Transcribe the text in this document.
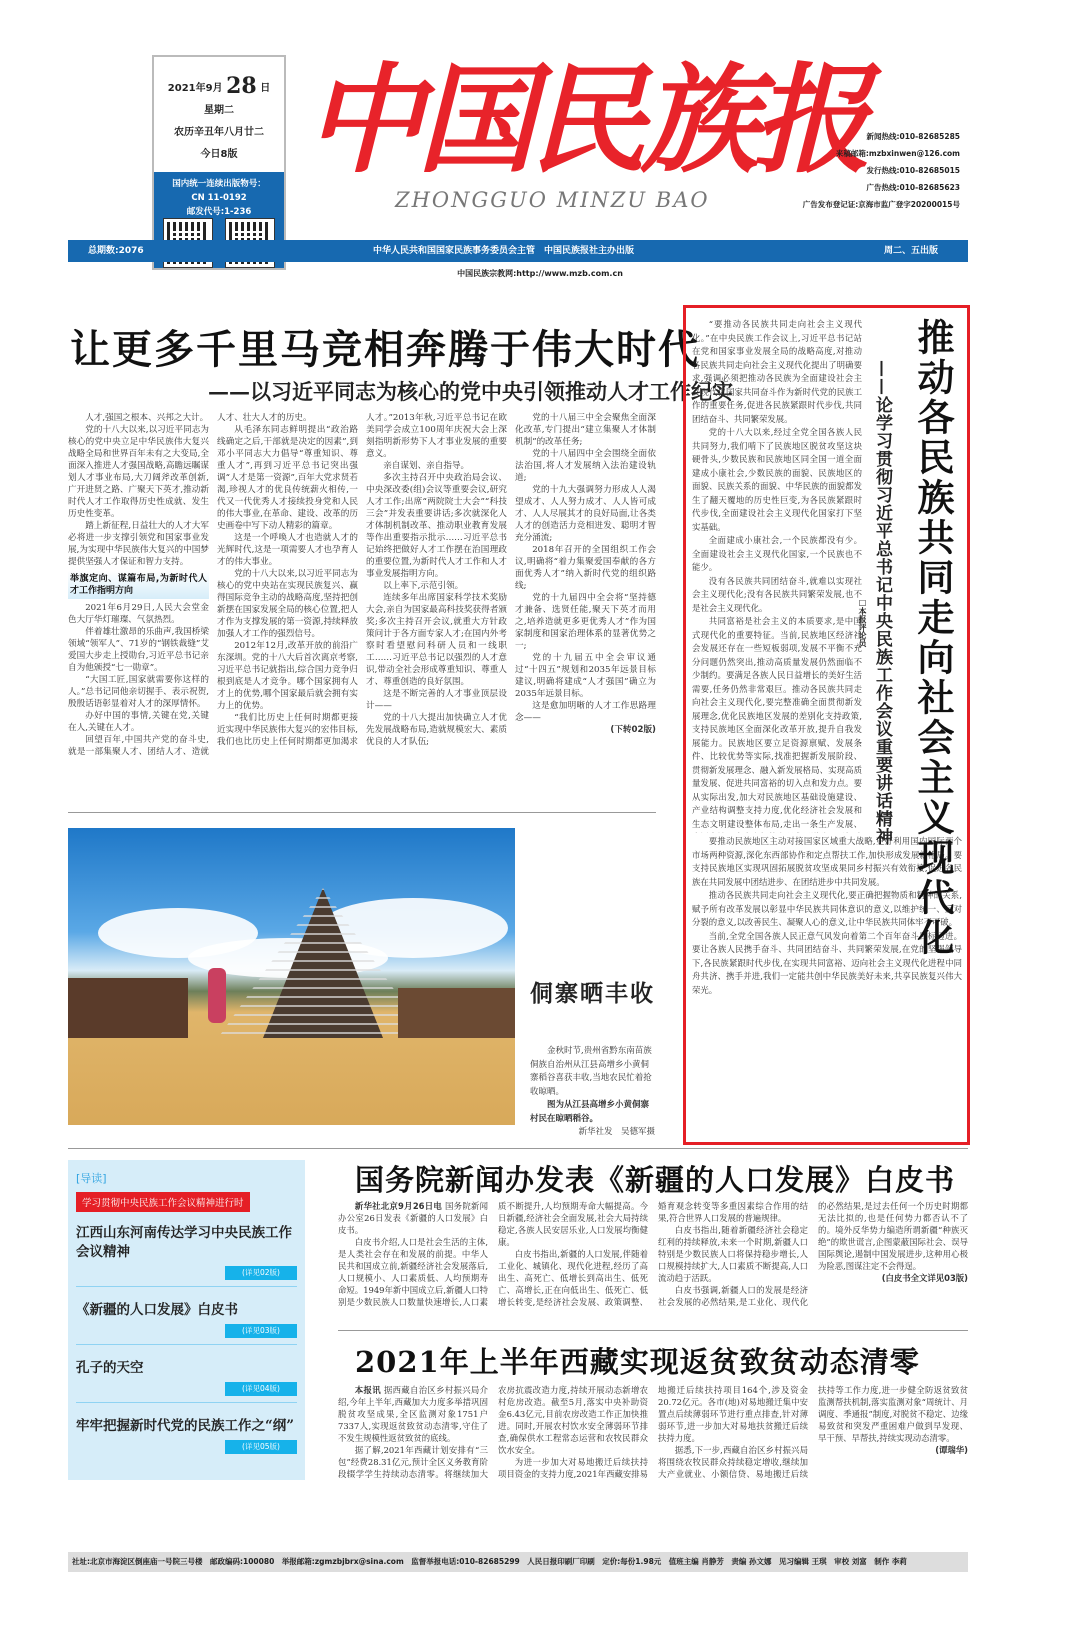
2021年9月 28 日
星期二
农历辛丑年八月廿二
今日8版
国内统一连续出版物号：
CN 11-0192
邮发代号:1-236
中国民族报
ZHONGGUO MINZU BAO
新闻热线:010-82685285
来稿邮箱:mzbxinwen@126.com
发行热线:010-82685015
广告热线:010-82685623
广告发布登记证:京海市监广登字20200015号
总期数:2076	中华人民共和国国家民族事务委员会主管　中国民族报社主办出版	周二、五出版
中国民族宗教网:http://www.mzb.com.cn
让更多千里马竞相奔腾于伟大时代
——以习近平同志为核心的党中央引领推动人才工作纪实

人才,强国之根本、兴邦之大计。

党的十八大以来,以习近平同志为核心的党中央立足中华民族伟大复兴战略全局和世界百年未有之大变局,全面深入推进人才强国战略,高瞻远瞩谋划人才事业布局,大刀阔斧改革创新,广开进贤之路、广聚天下英才,推动新时代人才工作取得历史性成就、发生历史性变革。

踏上新征程,日益壮大的人才大军必将进一步支撑引领党和国家事业发展,为实现中华民族伟大复兴的中国梦提供坚强人才保证和智力支持。

举旗定向、谋篇布局,为新时代人才工作指明方向

2021年6月29日,人民大会堂金色大厅华灯璀璨、气氛热烈。

伴着雄壮激昂的乐曲声,我国桥梁领域“领军人”、71岁的“钢铁裁缝”艾爱国大步走上授勋台,习近平总书记亲自为他颁授“七一勋章”。

“大国工匠,国家就需要你这样的人。”总书记同他亲切握手、表示祝贺,殷殷话语彰显着对人才的深厚情怀。

办好中国的事情,关键在党,关键在人,关键在人才。

回望百年,中国共产党的奋斗史,就是一部集聚人才、团结人才、造就人才、壮大人才的历史。

从毛泽东同志鲜明提出“政治路线确定之后,干部就是决定的因素”,到邓小平同志大力倡导“尊重知识、尊重人才”,再到习近平总书记突出强调“人才是第一资源”,百年大党求贤若渴,珍视人才的优良传统薪火相传,一代又一代优秀人才接续投身党和人民的伟大事业,在革命、建设、改革的历史画卷中写下动人精彩的篇章。

这是一个呼唤人才也造就人才的光辉时代,这是一项需要人才也孕育人才的伟大事业。

党的十八大以来,以习近平同志为核心的党中央站在实现民族复兴、赢得国际竞争主动的战略高度,坚持把创新摆在国家发展全局的核心位置,把人才作为支撑发展的第一资源,持续释放加强人才工作的强烈信号。

2012年12月,改革开放的前沿广东深圳。党的十八大后首次离京考察,习近平总书记就指出,综合国力竞争归根到底是人才竞争。哪个国家拥有人才上的优势,哪个国家最后就会拥有实力上的优势。

“我们比历史上任何时期都更接近实现中华民族伟大复兴的宏伟目标,我们也比历史上任何时期都更加渴求人才。”2013年秋,习近平总书记在欧美同学会成立100周年庆祝大会上深刻指明新形势下人才事业发展的重要意义。

亲自谋划、亲自指导。

多次主持召开中央政治局会议、中央深改委(组)会议等重要会议,研究人才工作;出席“两院院士大会”“科技三会”并发表重要讲话;多次就深化人才体制机制改革、推动职业教育发展等作出重要指示批示……习近平总书记始终把做好人才工作摆在治国理政的重要位置,为新时代人才工作和人才事业发展指明方向。

以上率下,示范引领。

连续多年出席国家科学技术奖励大会,亲自为国家最高科技奖获得者颁奖;多次主持召开会议,就重大方针政策问计于各方面专家人才;在国内外考察时看望慰问科研人员和一线职工……习近平总书记以强烈的人才意识,带动全社会形成尊重知识、尊重人才、尊重创造的良好氛围。

这是不断完善的人才事业顶层设计——

党的十八大提出加快确立人才优先发展战略布局,造就规模宏大、素质优良的人才队伍;

党的十八届三中全会聚焦全面深化改革,专门提出“建立集聚人才体制机制”的改革任务;

党的十八届四中全会围绕全面依法治国,将人才发展纳入法治建设轨道;

党的十九大强调努力形成人人渴望成才、人人努力成才、人人皆可成才、人人尽展其才的良好局面,让各类人才的创造活力竞相迸发、聪明才智充分涌流;

2018年召开的全国组织工作会议,明确将“着力集聚爱国奉献的各方面优秀人才”纳入新时代党的组织路线;

党的十九届四中全会将“坚持德才兼备、选贤任能,聚天下英才而用之,培养造就更多更优秀人才”作为国家制度和国家治理体系的显著优势之一;

党的十九届五中全会审议通过“十四五”规划和2035年远景目标建议,明确将建成“人才强国”确立为2035年远景目标。

这是愈加明晰的人才工作思路理念——

(下转02版)
侗寨晒丰收

金秋时节,贵州省黔东南苗族侗族自治州从江县高增乡小黄侗寨稻谷喜获丰收,当地农民忙着抢收晾晒。

图为从江县高增乡小黄侗寨村民在晾晒稻谷。

新华社发　吴德军摄

“要推动各民族共同走向社会主义现代化。”在中央民族工作会议上,习近平总书记站在党和国家事业发展全局的战略高度,对推动各民族共同走向社会主义现代化提出了明确要求,强调必须把推动各民族为全面建设社会主义现代化国家共同奋斗作为新时代党的民族工作的重要任务,促进各民族紧跟时代步伐,共同团结奋斗、共同繁荣发展。

党的十八大以来,经过全党全国各族人民共同努力,我们啃下了民族地区脱贫攻坚这块硬骨头,少数民族和民族地区同全国一道全面建成小康社会,少数民族的面貌、民族地区的面貌、民族关系的面貌、中华民族的面貌都发生了翻天覆地的历史性巨变,为各民族紧跟时代步伐,全面建设社会主义现代化国家打下坚实基础。

全面建成小康社会,一个民族都没有少。全面建设社会主义现代化国家,一个民族也不能少。

没有各民族共同团结奋斗,就难以实现社会主义现代化;没有各民族共同繁荣发展,也不是社会主义现代化。

共同富裕是社会主义的本质要求,是中国式现代化的重要特征。当前,民族地区经济社会发展还存在一些短板弱项,发展不平衡不充分问题仍然突出,推动高质量发展仍然面临不少制约。要满足各族人民日益增长的美好生活需要,任务仍然非常艰巨。推动各民族共同走向社会主义现代化,要完整准确全面贯彻新发展理念,优化民族地区发展的差别化支持政策,支持民族地区全面深化改革开放,提升自我发展能力。民族地区要立足资源禀赋、发展条件、比较优势等实际,找准把握新发展阶段、贯彻新发展理念、融入新发展格局、实现高质量发展、促进共同富裕的切入点和发力点。要从实际出发,加大对民族地区基础设施建设、产业结构调整支持力度,优化经济社会发展和生态文明建设整体布局,走出一条生产发展、

要推动民族地区主动对接国家区域重大战略,更好利用国内国际两个市场两种资源,深化东西部协作和定点帮扶工作,加快形成发展新格局。要支持民族地区实现巩固拓展脱贫攻坚成果同乡村振兴有效衔接,促进各民族在共同发展中团结进步、在团结进步中共同发展。

推动各民族共同走向社会主义现代化,要正确把握物质和精神的关系,赋予所有改革发展以彰显中华民族共同体意识的意义,以维护统一、反对分裂的意义,以改善民生、凝聚人心的意义,让中华民族共同体牢不可破。

当前,全党全国各族人民正意气风发向着第二个百年奋斗目标迈进。要让各族人民携手奋斗、共同团结奋斗、共同繁荣发展,在党的坚强领导下,各民族紧跟时代步伐,在实现共同富裕、迈向社会主义现代化进程中同舟共济、携手并进,我们一定能共创中华民族美好未来,共享民族复兴伟大荣光。

推动各民族共同走向社会主义现代化
——论学习贯彻习近平总书记中央民族工作会议重要讲话精神
□本报评论员
[导读]
学习贯彻中央民族工作会议精神进行时
江西山东河南传达学习中央民族工作会议精神
(详见02版)
《新疆的人口发展》白皮书
(详见03版)
孔子的天空
(详见04版)
牢牢把握新时代党的民族工作之“纲”
(详见05版)
国务院新闻办发表《新疆的人口发展》白皮书

新华社北京9月26日电 国务院新闻办公室26日发表《新疆的人口发展》白皮书。

白皮书介绍,人口是社会生活的主体,是人类社会存在和发展的前提。中华人民共和国成立前,新疆经济社会发展落后,人口规模小、人口素质低、人均预期寿命短。1949年新中国成立后,新疆人口特别是少数民族人口数量快速增长,人口素质不断提升,人均预期寿命大幅提高。今日新疆,经济社会全面发展,社会大局持续稳定,各族人民安居乐业,人口发展均衡健康。

白皮书指出,新疆的人口发展,伴随着工业化、城镇化、现代化进程,经历了高出生、高死亡、低增长到高出生、低死亡、高增长,正在向低出生、低死亡、低增长转变,是经济社会发展、政策调整、婚育观念转变等多重因素综合作用的结果,符合世界人口发展的普遍规律。

白皮书指出,随着新疆经济社会稳定红利的持续释放,未来一个时期,新疆人口特别是少数民族人口将保持稳步增长,人口规模持续扩大,人口素质不断提高,人口流动趋于活跃。

白皮书强调,新疆人口的发展是经济社会发展的必然结果,是工业化、现代化的必然结果,是过去任何一个历史时期都无法比拟的,也是任何势力都否认不了的。境外反华势力编造所谓新疆“种族灭绝”的欺世谎言,企图蒙蔽国际社会、误导国际舆论,遏制中国发展进步,这种用心极为险恶,图谋注定不会得逞。

(白皮书全文详见03版)
2021年上半年西藏实现返贫致贫动态清零

本报讯 据西藏自治区乡村振兴局介绍,今年上半年,西藏加大力度多举措巩固脱贫攻坚成果,全区监测对象1751户7337人,实现返贫致贫动态清零,守住了不发生规模性返贫致贫的底线。

据了解,2021年西藏计划安排有“三包”经费28.31亿元,预计全区义务教育阶段辍学学生持续动态清零。将继续加大农房抗震改造力度,持续开展动态新增农村危房改造。截至5月,落实中央补助资金6.43亿元,目前农房改造工作正加快推进。同时,开展农村饮水安全薄弱环节排查,确保供水工程常态运营和农牧民群众饮水安全。

为进一步加大对易地搬迁后续扶持项目资金的支持力度,2021年西藏安排易地搬迁后续扶持项目164个,涉及资金20.72亿元。各市(地)对易地搬迁集中安置点后续薄弱环节进行重点排查,针对薄弱环节,进一步加大对易地扶贫搬迁后续扶持力度。

据悉,下一步,西藏自治区乡村振兴局将围绕农牧民群众持续稳定增收,继续加大产业就业、小额信贷、易地搬迁后续扶持等工作力度,进一步健全防返贫致贫监测帮扶机制,落实监测对象“周统计、月调度、季通报”制度,对脱贫不稳定、边缘易致贫和突发严重困难户做到早发现、早干预、早帮扶,持续实现动态清零。

(谭瑞华)
社址:北京市海淀区倒座庙一号院三号楼　邮政编码:100080　举报邮箱:zgmzbjbrx@sina.com　监督举报电话:010-82685299　人民日报印刷厂印刷　定价:每份1.98元　值班主编 肖静芳　责编 孙文娜　见习编辑 王琪　审校 刘富　制作 李莉
